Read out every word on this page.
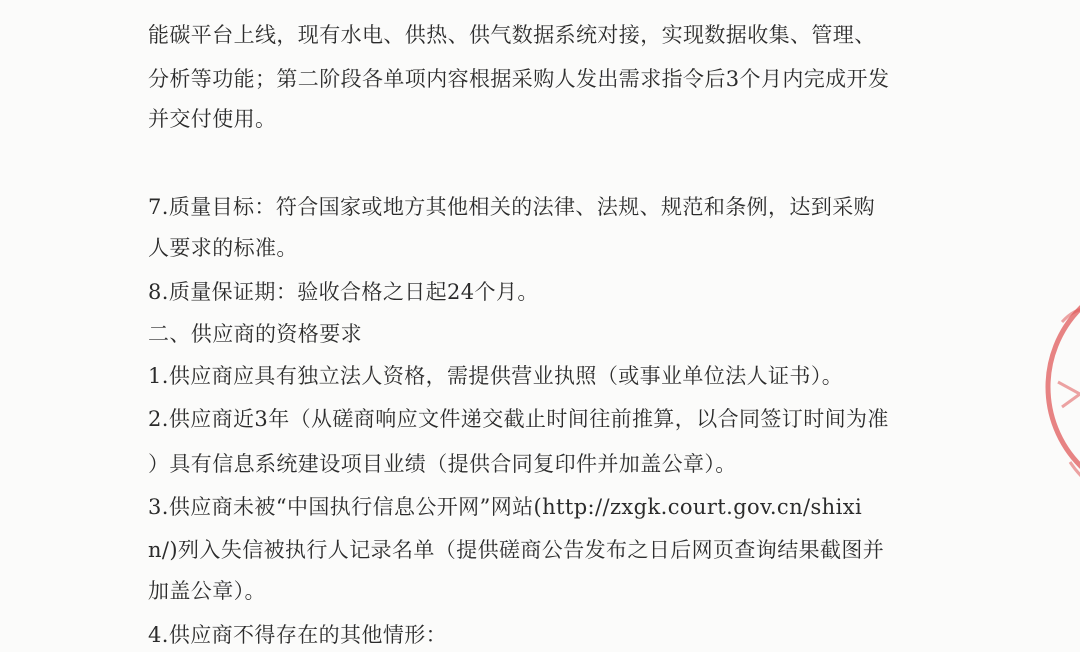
能碳平台上线，现有水电、供热、供气数据系统对接，实现数据收集、管理、
分析等功能；第二阶段各单项内容根据采购人发出需求指令后3个月内完成开发
并交付使用。
7.质量目标：符合国家或地方其他相关的法律、法规、规范和条例，达到采购
人要求的标准。
8.质量保证期：验收合格之日起24个月。
二、供应商的资格要求
1.供应商应具有独立法人资格，需提供营业执照（或事业单位法人证书）。
2.供应商近3年（从磋商响应文件递交截止时间往前推算，以合同签订时间为准
）具有信息系统建设项目业绩（提供合同复印件并加盖公章）。
3.供应商未被“中国执行信息公开网”网站(http://zxgk.court.gov.cn/shixi
n/)列入失信被执行人记录名单（提供磋商公告发布之日后网页查询结果截图并
加盖公章）。
4.供应商不得存在的其他情形：
